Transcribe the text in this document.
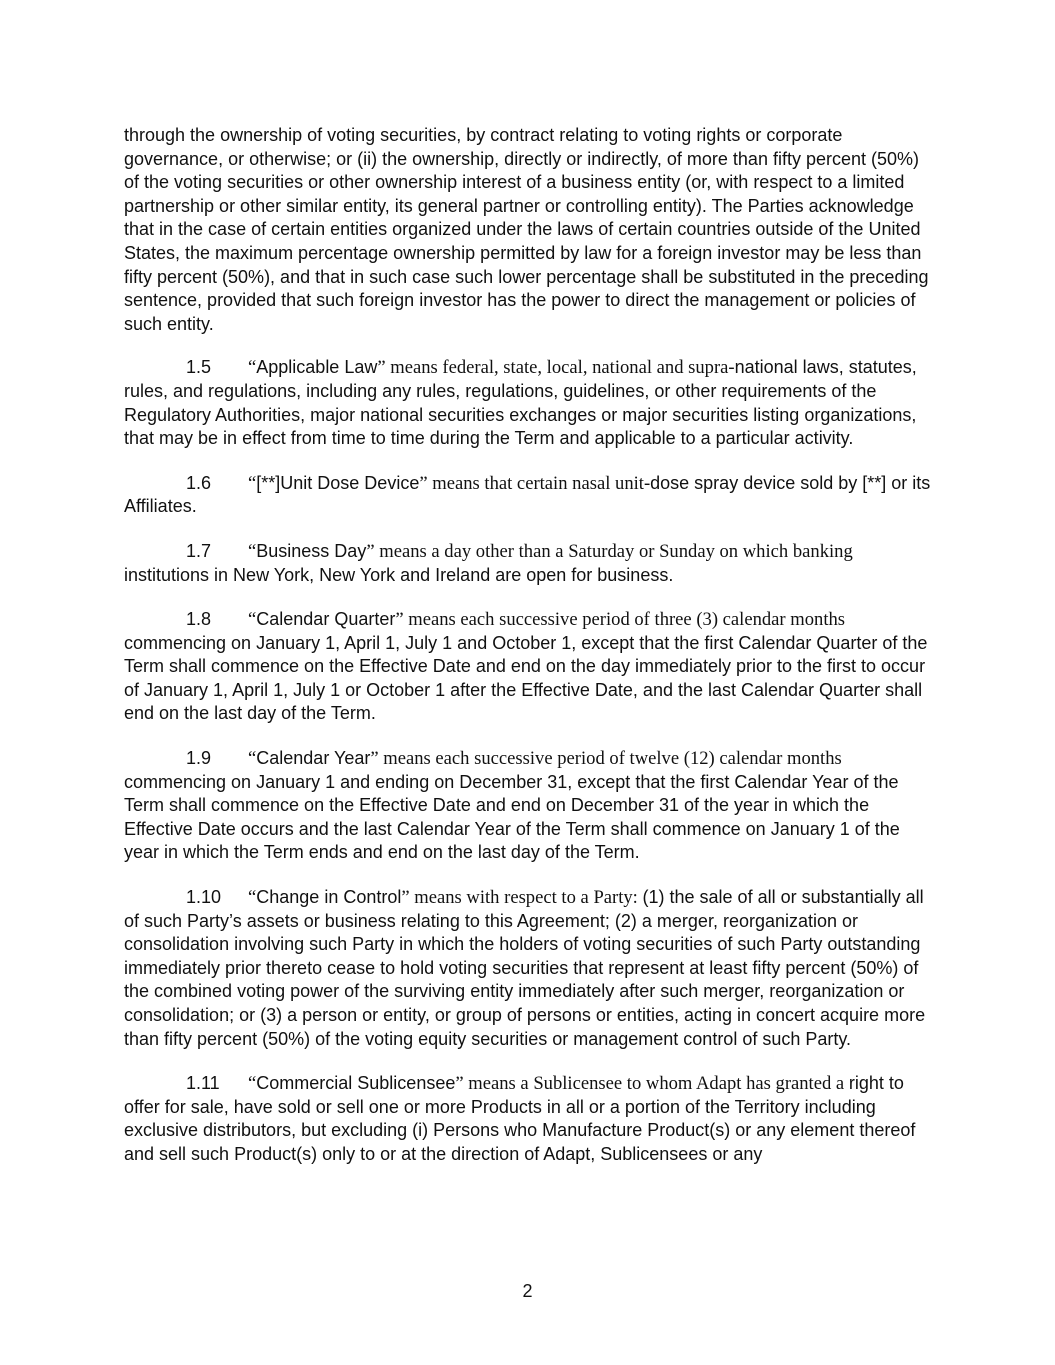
through the ownership of voting securities, by contract relating to voting rights or corporate governance, or otherwise; or (ii) the ownership, directly or indirectly, of more than fifty percent (50%) of the voting securities or other ownership interest of a business entity (or, with respect to a limited partnership or other similar entity, its general partner or controlling entity). The Parties acknowledge that in the case of certain entities organized under the laws of certain countries outside of the United States, the maximum percentage ownership permitted by law for a foreign investor may be less than fifty percent (50%), and that in such case such lower percentage shall be substituted in the preceding sentence, provided that such foreign investor has the power to direct the management or policies of such entity.

1.5 “Applicable Law” means federal, state, local, national and supra-national laws, statutes, rules, and regulations, including any rules, regulations, guidelines, or other requirements of the Regulatory Authorities, major national securities exchanges or major securities listing organizations, that may be in effect from time to time during the Term and applicable to a particular activity.

1.6 “[**]Unit Dose Device” means that certain nasal unit-dose spray device sold by [**] or its Affiliates.

1.7 “Business Day” means a day other than a Saturday or Sunday on which banking institutions in New York, New York and Ireland are open for business.

1.8 “Calendar Quarter” means each successive period of three (3) calendar months commencing on January 1, April 1, July 1 and October 1, except that the first Calendar Quarter of the Term shall commence on the Effective Date and end on the day immediately prior to the first to occur of January 1, April 1, July 1 or October 1 after the Effective Date, and the last Calendar Quarter shall end on the last day of the Term.

1.9 “Calendar Year” means each successive period of twelve (12) calendar months commencing on January 1 and ending on December 31, except that the first Calendar Year of the Term shall commence on the Effective Date and end on December 31 of the year in which the Effective Date occurs and the last Calendar Year of the Term shall commence on January 1 of the year in which the Term ends and end on the last day of the Term.

1.10 “Change in Control” means with respect to a Party: (1) the sale of all or substantially all of such Party’s assets or business relating to this Agreement; (2) a merger, reorganization or consolidation involving such Party in which the holders of voting securities of such Party outstanding immediately prior thereto cease to hold voting securities that represent at least fifty percent (50%) of the combined voting power of the surviving entity immediately after such merger, reorganization or consolidation; or (3) a person or entity, or group of persons or entities, acting in concert acquire more than fifty percent (50%) of the voting equity securities or management control of such Party.

1.11 “Commercial Sublicensee” means a Sublicensee to whom Adapt has granted a right to offer for sale, have sold or sell one or more Products in all or a portion of the Territory including exclusive distributors, but excluding (i) Persons who Manufacture Product(s) or any element thereof and sell such Product(s) only to or at the direction of Adapt, Sublicensees or any

2
